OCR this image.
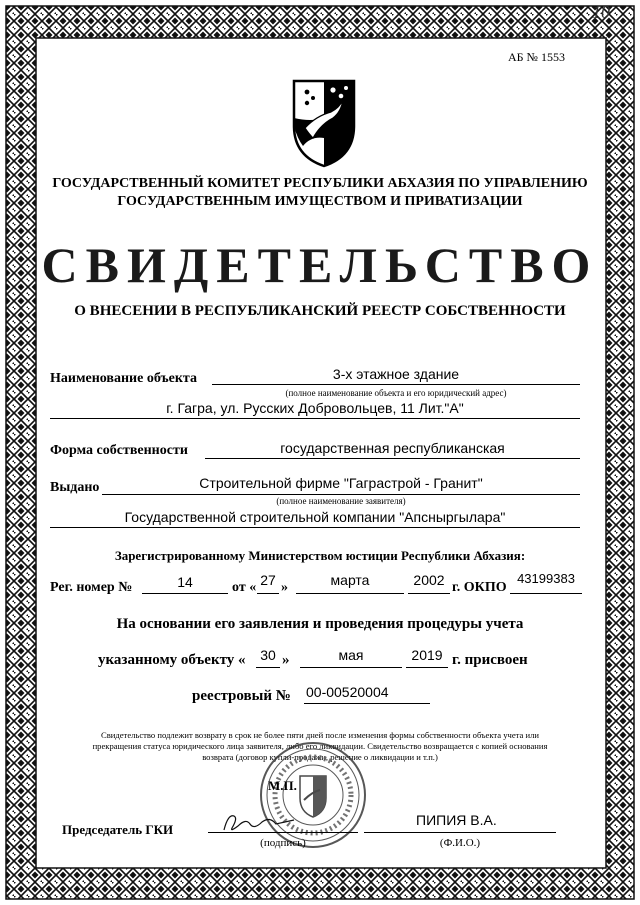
10
АБ № 1553
ГОСУДАРСТВЕННЫЙ КОМИТЕТ РЕСПУБЛИКИ АБХАЗИЯ ПО УПРАВЛЕНИЮ
ГОСУДАРСТВЕННЫМ ИМУЩЕСТВОМ И ПРИВАТИЗАЦИИ
СВИДЕТЕЛЬСТВО
О ВНЕСЕНИИ В РЕСПУБЛИКАНСКИЙ РЕЕСТР СОБСТВЕННОСТИ
Наименование объекта	3-х этажное здание
(полное наименование объекта и его юридический адрес)
г. Гагра, ул. Русских Добровольцев, 11 Лит."А"
Форма собственности	государственная республиканская
Выдано	Строительной фирме "Гаграстрой - Гранит"
(полное наименование заявителя)
Государственной строительной компании "Апсныргылара"
Зарегистрированному Министерством юстиции Республики Абхазия:
Рег. номер №	14	от « 27 »	марта	2002 г. ОКПО
43199383
На основании его заявления и проведения процедуры учета
указанному объекту «	30 »	мая	2019 г. присвоен
реестровый № 00-00520004
Свидетельство подлежит возврату в срок не более пяти дней после изменения формы собственности объекта учета или
прекращения статуса юридического лица заявителя, либо его ликвидации. Свидетельство возвращается с копией основания
возврата (договор купли-продажи, решение о ликвидации и т.п.)
М.П.
Председатель ГКИ
(подпись)
ПИПИЯ В.А.
(Ф.И.О.)
